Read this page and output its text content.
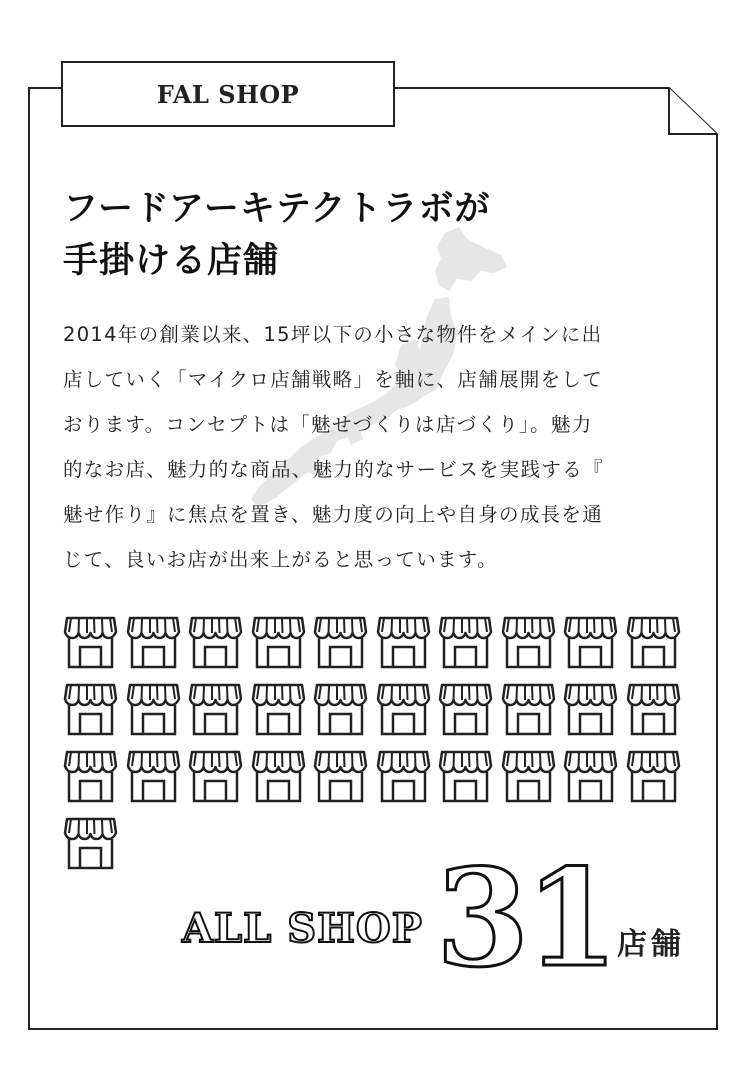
FAL SHOP
フードアーキテクトラボが
手掛ける店舗
2014年の創業以来、15坪以下の小さな物件をメインに出
店していく「マイクロ店舗戦略」を軸に、店舗展開をして
おります。コンセプトは「魅せづくりは店づくり」。魅力
的なお店、魅力的な商品、魅力的なサービスを実践する『
魅せ作り』に焦点を置き、魅力度の向上や自身の成長を通
じて、良いお店が出来上がると思っています。
ALL SHOP 31 店舗
